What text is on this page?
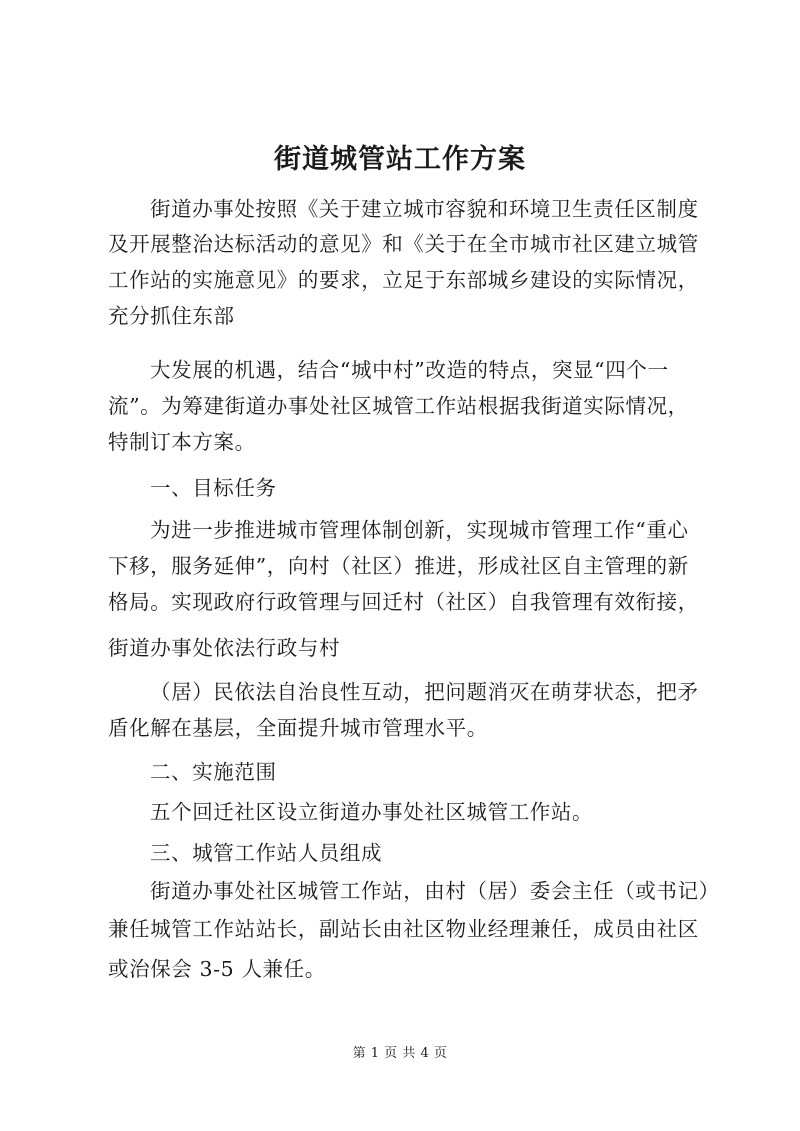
街道城管站工作方案
街道办事处按照《关于建立城市容貌和环境卫生责任区制度
及开展整治达标活动的意见》和《关于在全市城市社区建立城管
工作站的实施意见》的要求，立足于东部城乡建设的实际情况，
充分抓住东部
大发展的机遇，结合“城中村”改造的特点，突显“四个一
流”。为筹建街道办事处社区城管工作站根据我街道实际情况，
特制订本方案。
一、目标任务
为进一步推进城市管理体制创新，实现城市管理工作“重心
下移，服务延伸”，向村（社区）推进，形成社区自主管理的新
格局。实现政府行政管理与回迁村（社区）自我管理有效衔接，
街道办事处依法行政与村
（居）民依法自治良性互动，把问题消灭在萌芽状态，把矛
盾化解在基层，全面提升城市管理水平。
二、实施范围
五个回迁社区设立街道办事处社区城管工作站。
三、城管工作站人员组成
街道办事处社区城管工作站，由村（居）委会主任（或书记）
兼任城管工作站站长，副站长由社区物业经理兼任，成员由社区
或治保会 3-5 人兼任。
第 1 页 共 4 页
